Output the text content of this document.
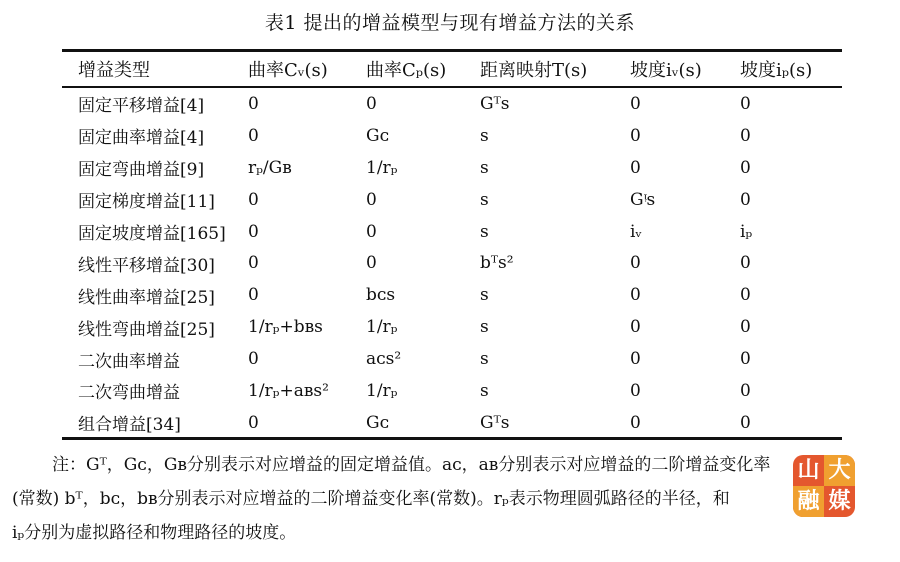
表1 提出的增益模型与现有增益方法的关系
增益类型	曲率Cᵥ(s)	曲率Cₚ(s)	距离映射T(s)	坡度iᵥ(s)	坡度iₚ(s)
固定平移增益[4]	0	0	Gᵀs	0	0
固定曲率增益[4]	0	Gᴄ	s	0	0
固定弯曲增益[9]	rₚ/Gʙ	1/rₚ	s	0	0
固定梯度增益[11]	0	0	s	Gᵎs	0
固定坡度增益[165]	0	0	s	iᵥ	iₚ
线性平移增益[30]	0	0	bᵀs²	0	0
线性曲率增益[25]	0	bᴄs	s	0	0
线性弯曲增益[25]	1/rₚ+bʙs	1/rₚ	s	0	0
二次曲率增益	0	aᴄs²	s	0	0
二次弯曲增益	1/rₚ+aʙs²	1/rₚ	s	0	0
组合增益[34]	0	Gᴄ	Gᵀs	0	0
注：Gᵀ，Gᴄ，Gʙ分别表示对应增益的固定增益值。aᴄ，aʙ分别表示对应增益的二阶增益变化率
(常数) bᵀ，bᴄ，bʙ分别表示对应增益的二阶增益变化率(常数)。rₚ表示物理圆弧路径的半径，和
iₚ分别为虚拟路径和物理路径的坡度。
山 大
融 媒
